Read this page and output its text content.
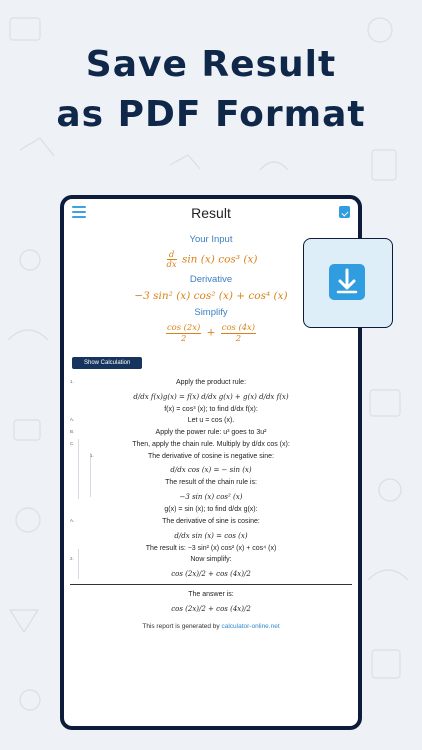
Save Result
as PDF Format
Result
Your Input
$\frac{d}{dx}$ sin (x) cos³ (x)
Derivative
−3 sin² (x) cos² (x) + cos⁴ (x)
Simplify
$\frac{\cos (2x)}{2} + \frac{\cos (4x)}{2}$
Show Calculation
1.	Apply the product rule:
d/dx f(x)g(x) = f(x) d/dx g(x) + g(x) d/dx f(x)
f(x) = cos³ (x); to find d/dx f(x):
A.	Let u = cos (x).
B.	Apply the power rule: u³ goes to 3u²
C.	Then, apply the chain rule. Multiply by d/dx cos (x):
1.	The derivative of cosine is negative sine:
d/dx cos (x) = − sin (x)
The result of the chain rule is:
−3 sin (x) cos² (x)
g(x) = sin (x); to find d/dx g(x):
A.	The derivative of sine is cosine:
d/dx sin (x) = cos (x)
The result is: −3 sin² (x) cos² (x) + cos⁴ (x)
2.	Now simplify:
cos (2x)/2 + cos (4x)/2
The answer is:
cos (2x)/2 + cos (4x)/2
This report is generated by calculator-online.net
